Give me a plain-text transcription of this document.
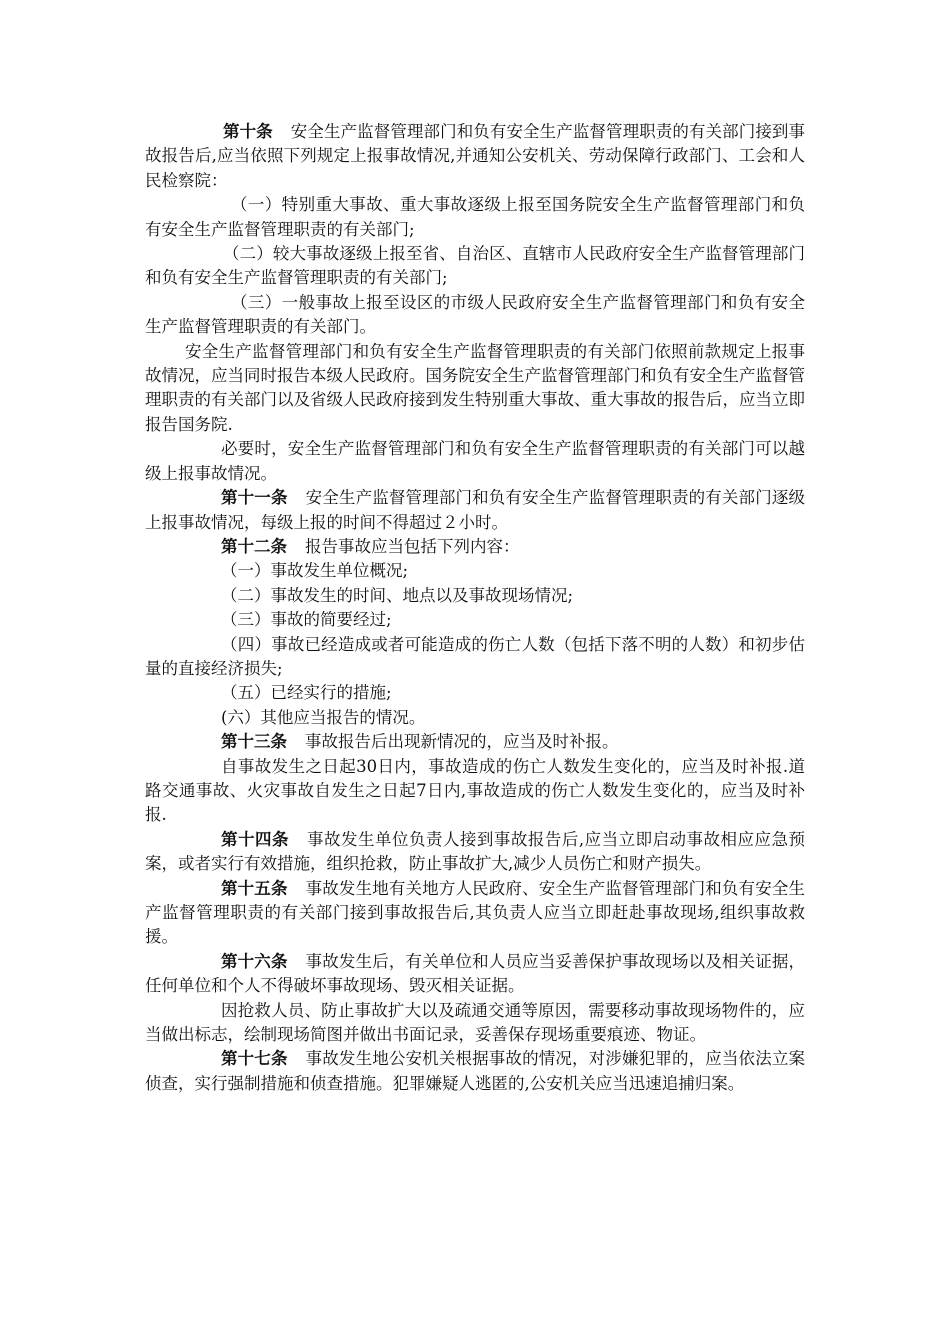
第十条 安全生产监督管理部门和负有安全生产监督管理职责的有关部门接到事故报告后,应当依照下列规定上报事故情况,并通知公安机关、劳动保障行政部门、工会和人民检察院：

（一）特别重大事故、重大事故逐级上报至国务院安全生产监督管理部门和负有安全生产监督管理职责的有关部门;

（二）较大事故逐级上报至省、自治区、直辖市人民政府安全生产监督管理部门和负有安全生产监督管理职责的有关部门;

（三）一般事故上报至设区的市级人民政府安全生产监督管理部门和负有安全生产监督管理职责的有关部门。

安全生产监督管理部门和负有安全生产监督管理职责的有关部门依照前款规定上报事故情况，应当同时报告本级人民政府。国务院安全生产监督管理部门和负有安全生产监督管理职责的有关部门以及省级人民政府接到发生特别重大事故、重大事故的报告后，应当立即报告国务院.

必要时，安全生产监督管理部门和负有安全生产监督管理职责的有关部门可以越级上报事故情况。

第十一条 安全生产监督管理部门和负有安全生产监督管理职责的有关部门逐级上报事故情况，每级上报的时间不得超过２小时。

第十二条 报告事故应当包括下列内容：

（一）事故发生单位概况;

（二）事故发生的时间、地点以及事故现场情况;

（三）事故的简要经过;

（四）事故已经造成或者可能造成的伤亡人数（包括下落不明的人数）和初步估量的直接经济损失;

（五）已经实行的措施;

(六）其他应当报告的情况。

第十三条 事故报告后出现新情况的，应当及时补报。

自事故发生之日起30日内，事故造成的伤亡人数发生变化的，应当及时补报.道路交通事故、火灾事故自发生之日起7日内,事故造成的伤亡人数发生变化的，应当及时补报.

第十四条 事故发生单位负责人接到事故报告后,应当立即启动事故相应应急预案，或者实行有效措施，组织抢救，防止事故扩大,减少人员伤亡和财产损失。

第十五条 事故发生地有关地方人民政府、安全生产监督管理部门和负有安全生产监督管理职责的有关部门接到事故报告后,其负责人应当立即赶赴事故现场,组织事故救援。

第十六条 事故发生后，有关单位和人员应当妥善保护事故现场以及相关证据，任何单位和个人不得破坏事故现场、毁灭相关证据。

因抢救人员、防止事故扩大以及疏通交通等原因，需要移动事故现场物件的，应当做出标志，绘制现场简图并做出书面记录，妥善保存现场重要痕迹、物证。

第十七条 事故发生地公安机关根据事故的情况，对涉嫌犯罪的，应当依法立案侦查，实行强制措施和侦查措施。犯罪嫌疑人逃匿的,公安机关应当迅速追捕归案。
